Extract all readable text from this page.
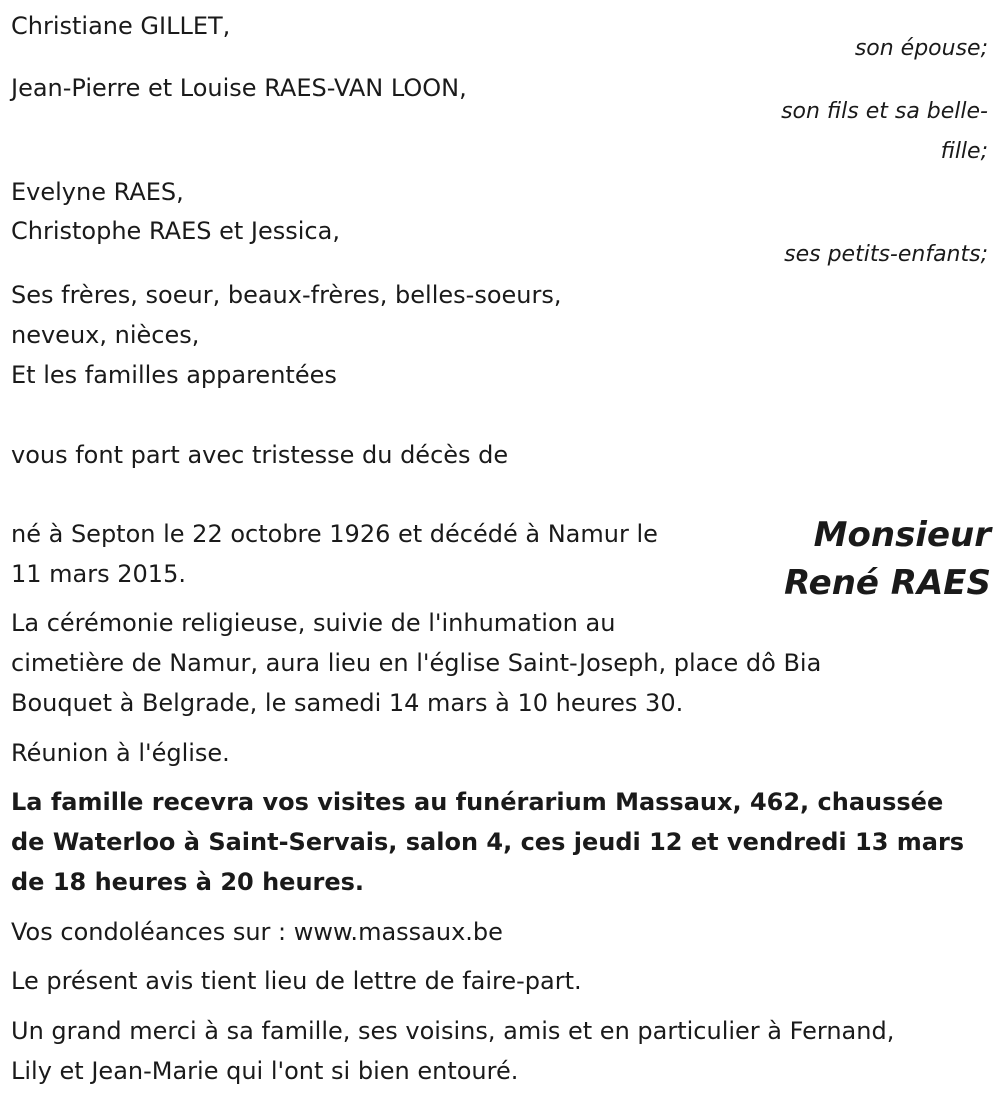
Christiane GILLET,
son épouse;
Jean-Pierre et Louise RAES-VAN LOON,
son fils et sa belle-
fille;
Evelyne RAES,
Christophe RAES et Jessica,
ses petits-enfants;
Ses frères, soeur, beaux-frères, belles-soeurs,
neveux, nièces,
Et les familles apparentées
vous font part avec tristesse du décès de
Monsieur
René RAES
né à Septon le 22 octobre 1926 et décédé à Namur le
11 mars 2015.
La cérémonie religieuse, suivie de l'inhumation au
cimetière de Namur, aura lieu en l'église Saint-Joseph, place dô Bia
Bouquet à Belgrade, le samedi 14 mars à 10 heures 30.
Réunion à l'église.
La famille recevra vos visites au funérarium Massaux, 462, chaussée
de Waterloo à Saint-Servais, salon 4, ces jeudi 12 et vendredi 13 mars
de 18 heures à 20 heures.
Vos condoléances sur : www.massaux.be
Le présent avis tient lieu de lettre de faire-part.
Un grand merci à sa famille, ses voisins, amis et en particulier à Fernand,
Lily et Jean-Marie qui l'ont si bien entouré.
